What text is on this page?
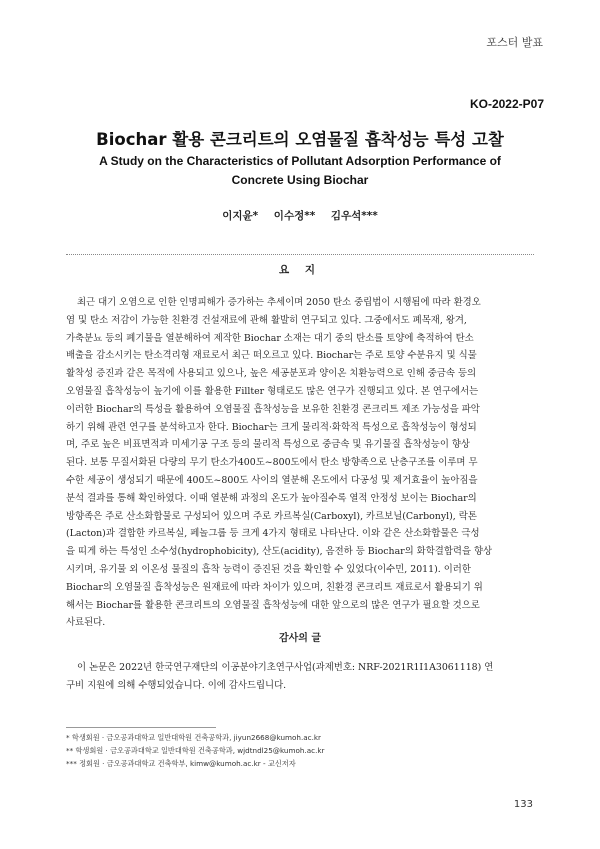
포스터 발표
KO-2022-P07
Biochar 활용 콘크리트의 오염물질 흡착성능 특성 고찰
A Study on the Characteristics of Pollutant Adsorption Performance of
Concrete Using Biochar
이지윤* 이수정** 김우석***
요 지
최근 대기 오염으로 인한 인명피해가 증가하는 추세이며 2050 탄소 중립법이 시행됨에 따라 환경오
염 및 탄소 저감이 가능한 친환경 건설재료에 관해 활발히 연구되고 있다. 그중에서도 폐목재, 왕겨,
가축분뇨 등의 폐기물을 열분해하여 제작한 Biochar 소재는 대기 중의 탄소를 토양에 축적하여 탄소
배출을 감소시키는 탄소격리형 재료로서 최근 떠오르고 있다. Biochar는 주로 토양 수분유지 및 식물
활착성 증진과 같은 목적에 사용되고 있으나, 높은 세공분포과 양이온 치환능력으로 인해 중금속 등의
오염물질 흡착성능이 높기에 이를 활용한 Fillter 형태로도 많은 연구가 진행되고 있다. 본 연구에서는
이러한 Biochar의 특성을 활용하여 오염물질 흡착성능을 보유한 친환경 콘크리트 제조 가능성을 파악
하기 위해 관련 연구를 분석하고자 한다. Biochar는 크게 물리적·화학적 특성으로 흡착성능이 형성되
며, 주로 높은 비표면적과 미세기공 구조 등의 물리적 특성으로 중금속 및 유기물질 흡착성능이 향상
된다. 보통 무질서화된 다량의 무기 탄소가400도~800도에서 탄소 방향족으로 난층구조를 이루며 무
수한 세공이 생성되기 때문에 400도~800도 사이의 열분해 온도에서 다공성 및 제거효율이 높아짐을
분석 결과를 통해 확인하였다. 이때 열분해 과정의 온도가 높아질수록 열적 안정성 보이는 Biochar의
방향족은 주로 산소화합물로 구성되어 있으며 주로 카르복실(Carboxyl), 카르보닐(Carbonyl), 락톤
(Lacton)과 결합한 카르복실, 페놀그룹 등 크게 4가지 형태로 나타난다. 이와 같은 산소화합물은 극성
을 띠게 하는 특성인 소수성(hydrophobicity), 산도(acidity), 음전하 등 Biochar의 화학결합력을 향상
시키며, 유기물 외 이온성 물질의 흡착 능력이 증진된 것을 확인할 수 있었다(이수민, 2011). 이러한
Biochar의 오염물질 흡착성능은 원재료에 따라 차이가 있으며, 친환경 콘크리트 재료로서 활용되기 위
해서는 Biochar를 활용한 콘크리트의 오염물질 흡착성능에 대한 앞으로의 많은 연구가 필요할 것으로
사료된다.
감사의 글
이 논문은 2022년 한국연구재단의 이공분야기초연구사업(과제번호: NRF-2021R1I1A3061118) 연
구비 지원에 의해 수행되었습니다. 이에 감사드립니다.
* 학생회원 · 금오공과대학교 일반대학원 건축공학과, jiyun2668@kumoh.ac.kr
** 학생회원 · 금오공과대학교 일반대학원 건축공학과, wjdtndl25@kumoh.ac.kr
*** 정회원 · 금오공과대학교 건축학부, kimw@kumoh.ac.kr - 교신저자
133
